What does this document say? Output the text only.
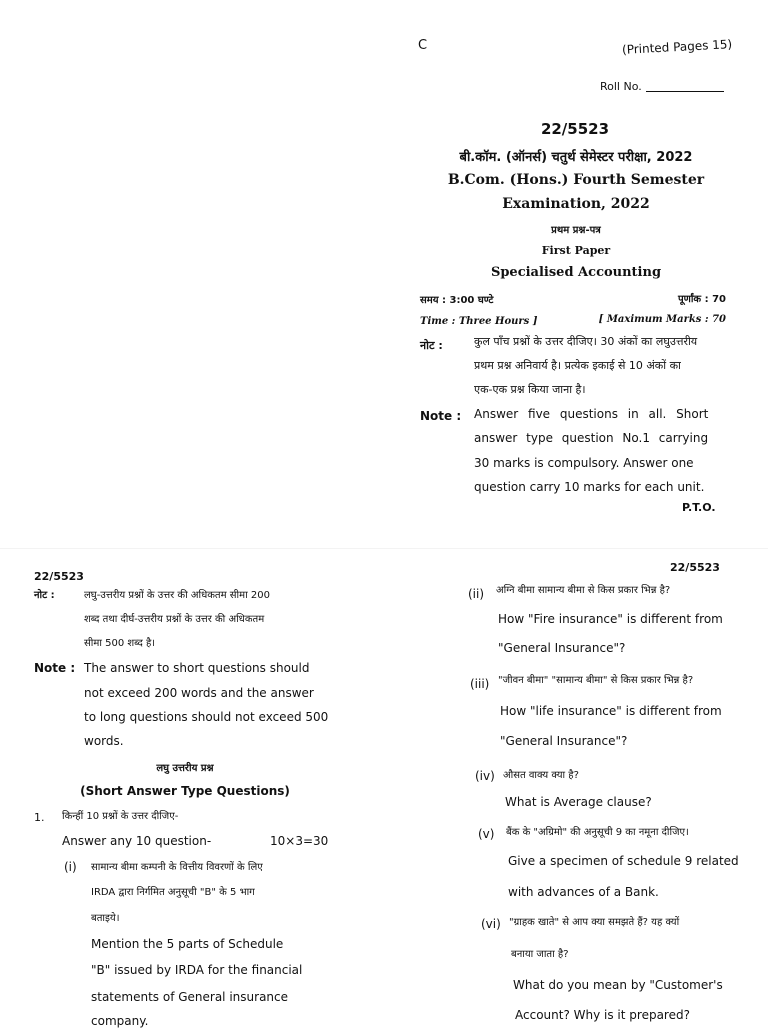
C	(Printed Pages 15)
Roll No.
22/5523
बी.कॉम. (ऑनर्स) चतुर्थ सेमेस्टर परीक्षा, 2022
B.Com. (Hons.) Fourth Semester
Examination, 2022
प्रथम प्रश्न-पत्र
First Paper
Specialised Accounting
समय : 3:00 घण्टे	पूर्णांक : 70
Time : Three Hours ]	[ Maximum Marks : 70
नोट :	कुल पाँच प्रश्नों के उत्तर दीजिए। 30 अंकों का लघुउत्तरीय
प्रथम प्रश्न अनिवार्य है। प्रत्येक इकाई से 10 अंकों का
एक-एक प्रश्न किया जाना है।
Note : Answer five questions in all. Short
answer type question No.1 carrying
30 marks is compulsory. Answer one
question carry 10 marks for each unit.
P.T.O.
22/5523
नोट :	लघु-उत्तरीय प्रश्नों के उत्तर की अधिकतम सीमा 200
शब्द तथा दीर्घ-उत्तरीय प्रश्नों के उत्तर की अधिकतम
सीमा 500 शब्द है।
Note : The answer to short questions should
not exceed 200 words and the answer
to long questions should not exceed 500
words.
लघु उत्तरीय प्रश्न
(Short Answer Type Questions)
1. किन्हीं 10 प्रश्नों के उत्तर दीजिए-
Answer any 10 question-	10×3=30
(i) सामान्य बीमा कम्पनी के वित्तीय विवरणों के लिए
IRDA द्वारा निर्गमित अनुसूची "B" के 5 भाग
बताइये।
Mention the 5 parts of Schedule
"B" issued by IRDA for the financial
statements of General insurance
company.
22/5523
(ii) अग्नि बीमा सामान्य बीमा से किस प्रकार भिन्न है?
How "Fire insurance" is different from
"General Insurance"?
(iii) "जीवन बीमा" "सामान्य बीमा" से किस प्रकार भिन्न है?
How "life insurance" is different from
"General Insurance"?
(iv) औसत वाक्य क्या है?
What is Average clause?
(v) बैंक के "अग्रिमो" की अनुसूची 9 का नमूना दीजिए।
Give a specimen of schedule 9 related
with advances of a Bank.
(vi) "ग्राहक खाते" से आप क्या समझते हैं? यह क्यों
बनाया जाता है?
What do you mean by "Customer's
Account? Why is it prepared?
